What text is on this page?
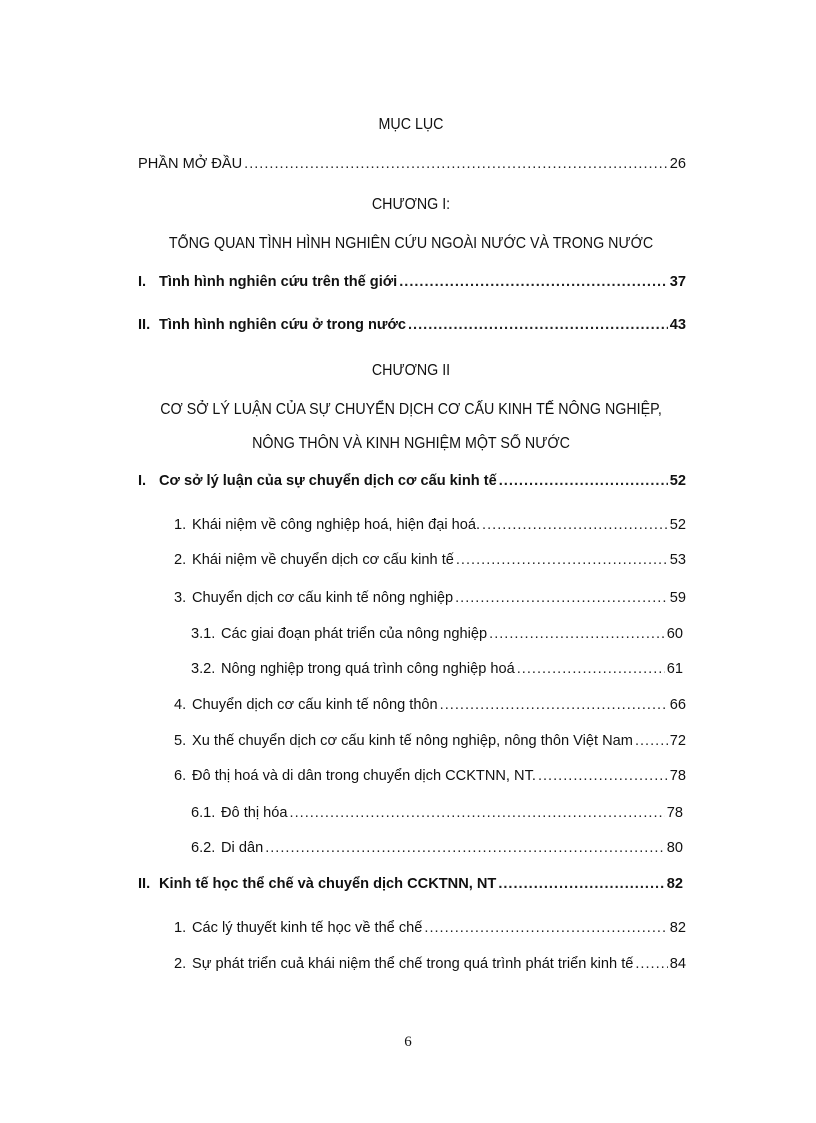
MỤC LỤC
PHẦN MỞ ĐẦU .....	26
CHƯƠNG I:
TỔNG QUAN TÌNH HÌNH NGHIÊN CỨU NGOÀI NƯỚC VÀ TRONG NƯỚC
I. Tình hình nghiên cứu trên thế giới .....	37
II. Tình hình nghiên cứu ở trong nước .....	43
CHƯƠNG II
CƠ SỞ LÝ LUẬN CỦA SỰ CHUYỂN DỊCH CƠ CẤU KINH TẾ NÔNG NGHIỆP,
NÔNG THÔN VÀ KINH NGHIỆM MỘT SỐ NƯỚC
I. Cơ sở lý luận của sự chuyển dịch cơ cấu kinh tế .....	52
1. Khái niệm về công nghiệp hoá, hiện đại hoá. .....	52
2. Khái niệm về chuyển dịch cơ cấu kinh tế .....	53
3. Chuyển dịch cơ cấu kinh tế nông nghiệp .....	59
3.1. Các giai đoạn phát triển của nông nghiệp .....	60
3.2. Nông nghiệp trong quá trình công nghiệp hoá .....	61
4. Chuyển dịch cơ cấu kinh tế nông thôn .....	66
5. Xu thế chuyển dịch cơ cấu kinh tế nông nghiệp, nông thôn Việt Nam .....	72
6. Đô thị hoá và di dân trong chuyển dịch CCKTNN, NT. .....	78
6.1. Đô thị hóa .....	78
6.2. Di dân .....	80
II. Kinh tế học thể chế và chuyển dịch CCKTNN, NT .....	82
1. Các lý thuyết kinh tế học về thể chế .....	82
2. Sự phát triển cuả khái niệm thể chế trong quá trình phát triển kinh tế ..... 84
6
